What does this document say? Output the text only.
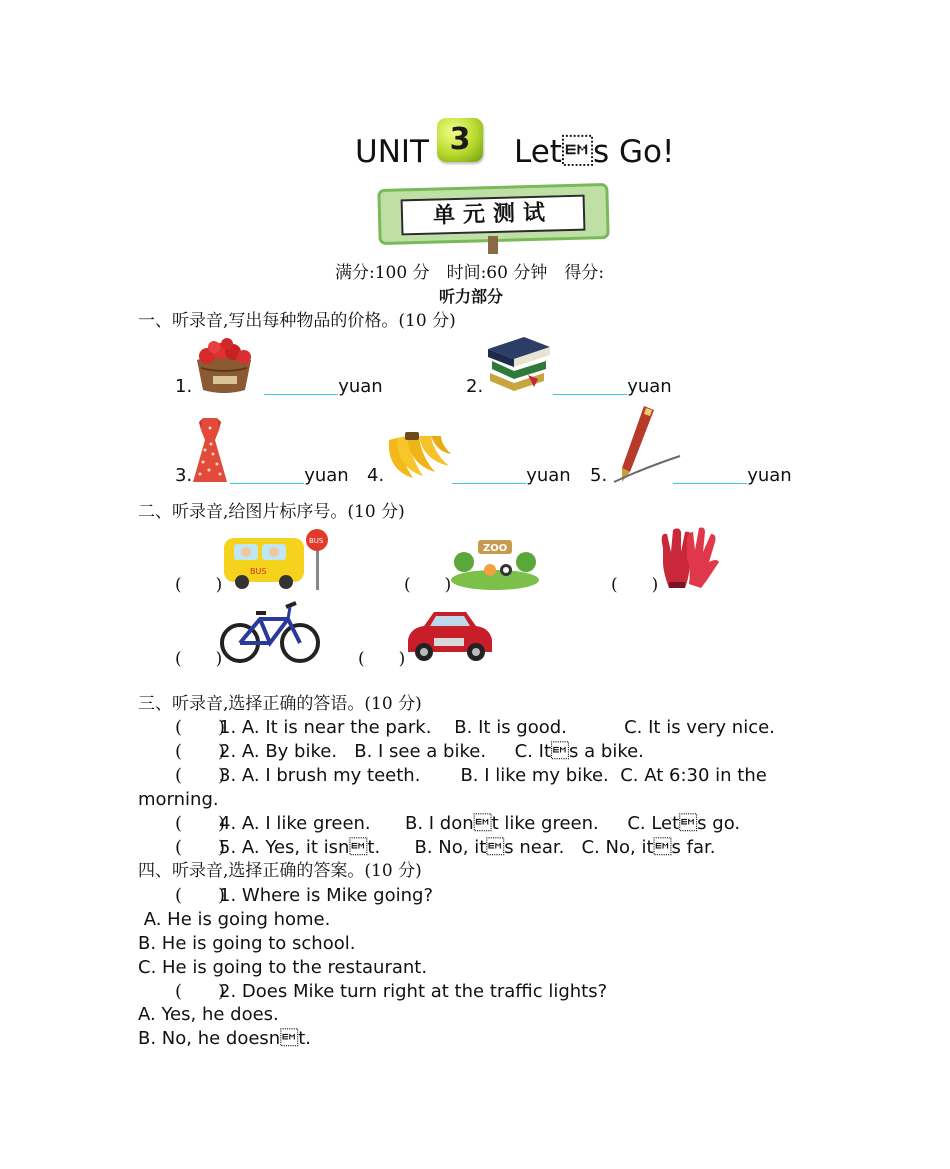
UNIT 3	Lets Go!
单元测试
满分:100 分　时间:60 分钟　得分:
听力部分
一、听录音,写出每种物品的价格。(10 分)
1.	yuan	2.	yuan
3.	yuan 4.	yuan 5.	yuan
二、听录音,给图片标序号。(10 分)
(　　)
BUS
BUS
(　　)
ZOO
(　　)
(　　)	(　　)
三、听录音,选择正确的答语。(10 分)
(　　)1. A. It is near the park.    B. It is good.          C. It is very nice.
(　　)2. A. By bike.   B. I see a bike.     C. Its a bike.
(　　)3. A. I brush my teeth.       B. I like my bike.  C. At 6:30 in the
morning.
(　　)4. A. I like green.      B. I dont like green.     C. Lets go.
(　　)5. A. Yes, it isnt.      B. No, its near.   C. No, its far.
四、听录音,选择正确的答案。(10 分)
(　　)1. Where is Mike going?
A. He is going home.
B. He is going to school.
C. He is going to the restaurant.
(　　)2. Does Mike turn right at the traffic lights?
A. Yes, he does.
B. No, he doesnt.
